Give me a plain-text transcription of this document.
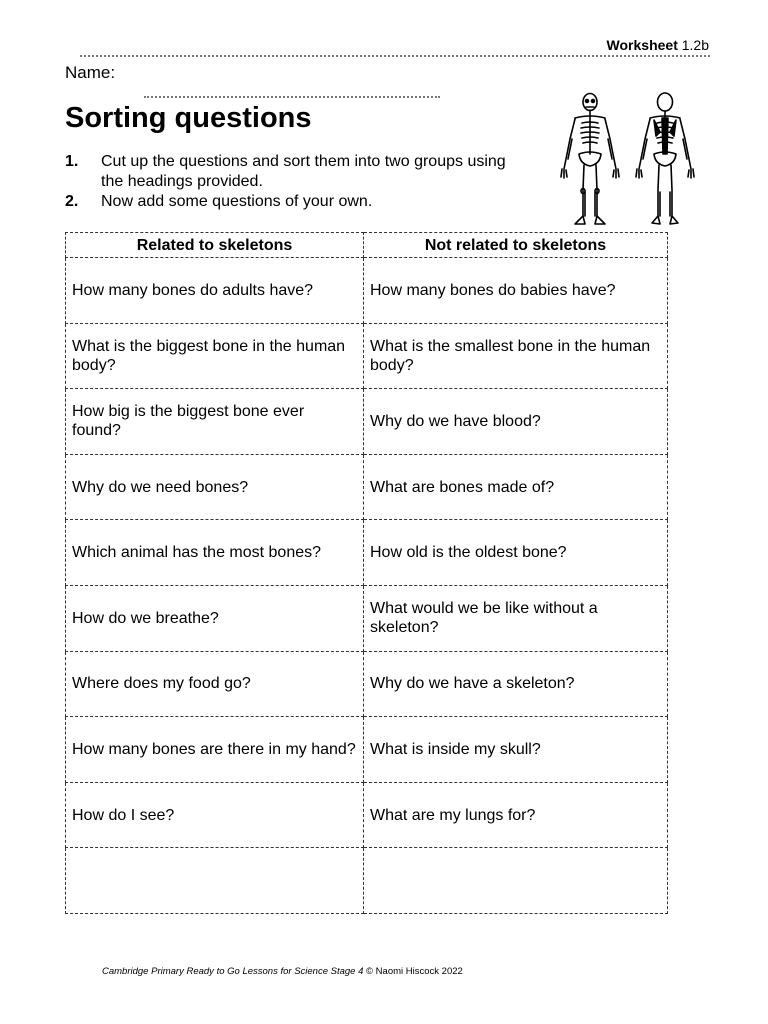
Worksheet 1.2b
Name:
Sorting questions
1.	Cut up the questions and sort them into two groups using the headings provided.
2.	Now add some questions of your own.
Related to skeletons	Not related to skeletons
How many bones do adults have?	How many bones do babies have?
What is the biggest bone in the human body?	What is the smallest bone in the human body?
How big is the biggest bone ever found?	Why do we have blood?
Why do we need bones?	What are bones made of?
Which animal has the most bones?	How old is the oldest bone?
How do we breathe?	What would we be like without a skeleton?
Where does my food go?	Why do we have a skeleton?
How many bones are there in my hand?	What is inside my skull?
How do I see?	What are my lungs for?

Cambridge Primary Ready to Go Lessons for Science Stage 4 © Naomi Hiscock 2022
